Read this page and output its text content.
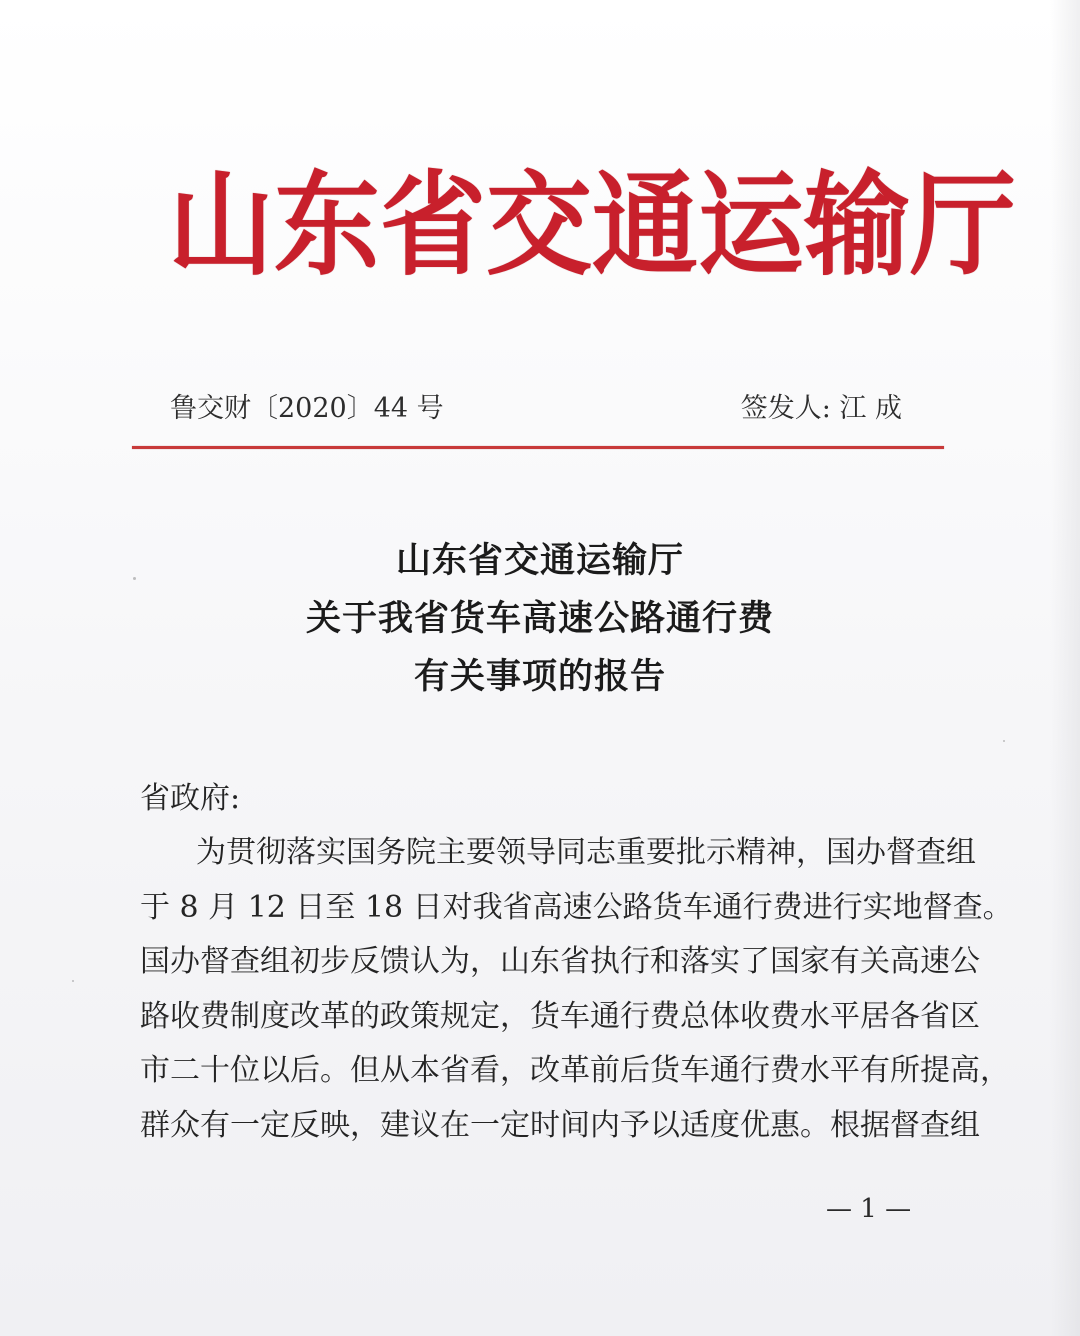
山 东 省 交 通 运 输 厅
鲁交财〔2020〕44 号	签发人: 江 成
山东省交通运输厅
关于我省货车高速公路通行费
有关事项的报告
省政府:
为贯彻落实国务院主要领导同志重要批示精神，国办督查组
于 8 月 12 日至 18 日对我省高速公路货车通行费进行实地督查。
国办督查组初步反馈认为，山东省执行和落实了国家有关高速公
路收费制度改革的政策规定，货车通行费总体收费水平居各省区
市二十位以后。但从本省看，改革前后货车通行费水平有所提高，
群众有一定反映，建议在一定时间内予以适度优惠。根据督查组
— 1 —
